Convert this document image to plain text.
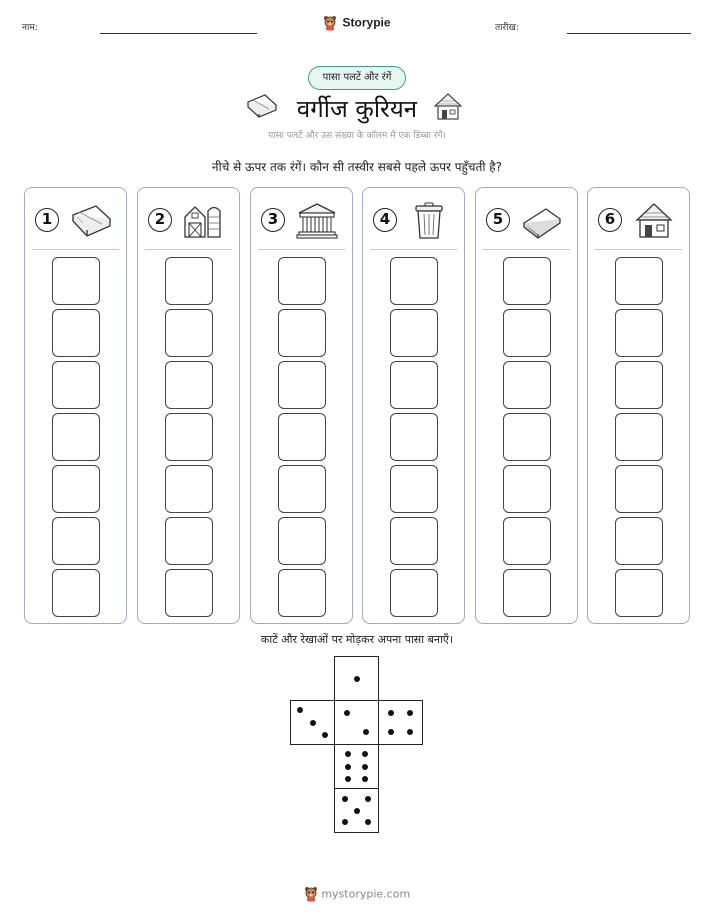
नाम:	Storypie	तारीख:
पासा पलटें और रंगें
वर्गीज कुरियन
पासा पलटें और उस संख्या के कॉलम में एक डिब्बा रंगें।
नीचे से ऊपर तक रंगें। कौन सी तस्वीर सबसे पहले ऊपर पहुँचती है?
1	2	3	4	5	6
काटें और रेखाओं पर मोड़कर अपना पासा बनाएँ।
mystorypie.com
